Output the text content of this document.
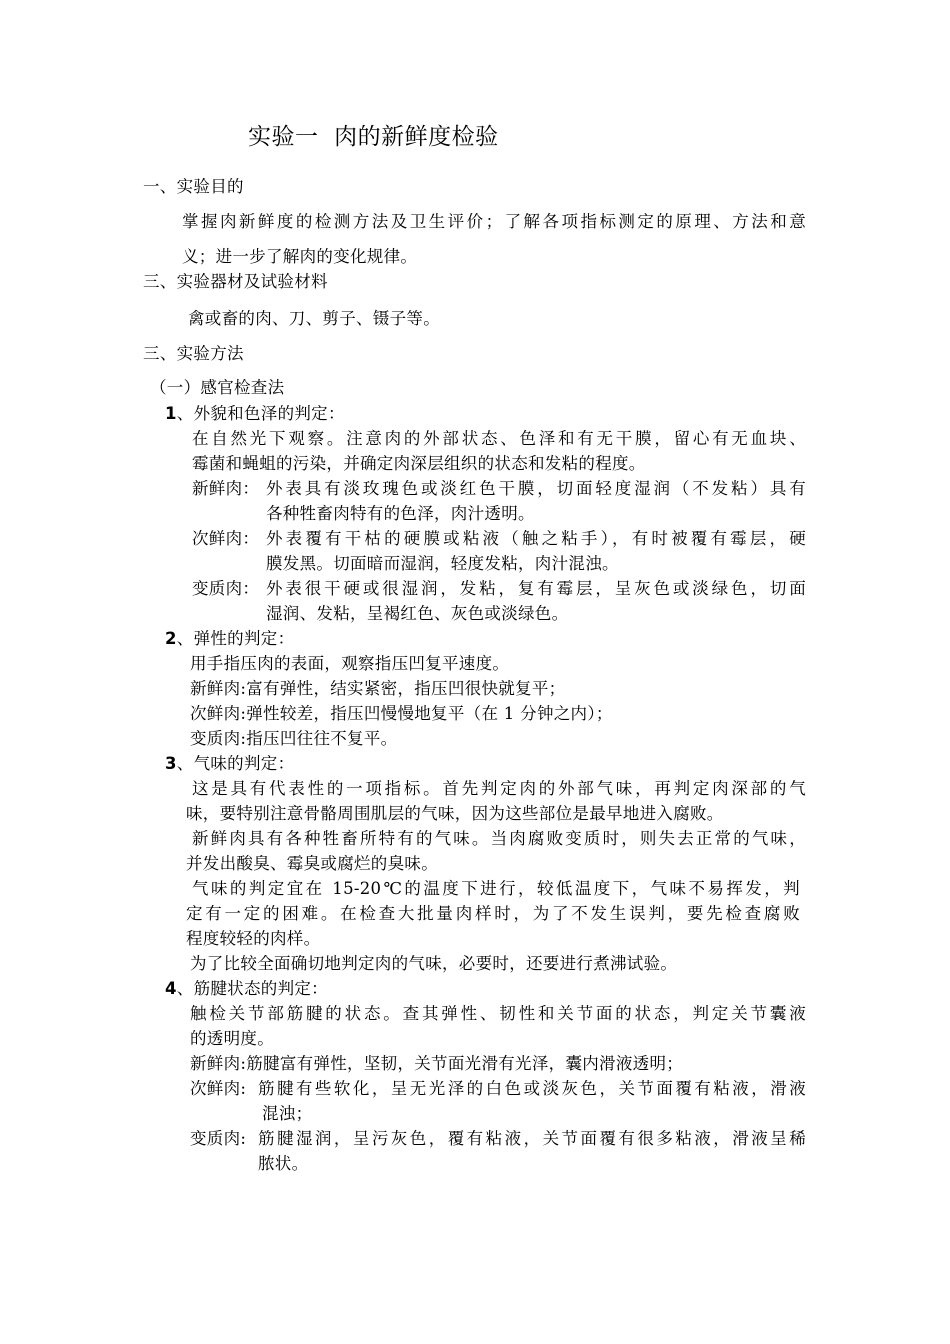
实验一  肉的新鲜度检验
一、实验目的
掌握肉新鲜度的检测方法及卫生评价；了解各项指标测定的原理、方法和意
义；进一步了解肉的变化规律。
三、实验器材及试验材料
禽或畜的肉、刀、剪子、镊子等。
三、实验方法
（一）感官检查法
1、外貌和色泽的判定：
在自然光下观察。注意肉的外部状态、色泽和有无干膜，留心有无血块、
霉菌和蝇蛆的污染，并确定肉深层组织的状态和发粘的程度。
新鲜肉： 外表具有淡玫瑰色或淡红色干膜，切面轻度湿润（不发粘）具有
各种牲畜肉特有的色泽，肉汁透明。
次鲜肉： 外表覆有干枯的硬膜或粘液（触之粘手），有时被覆有霉层，硬
膜发黑。切面暗而湿润，轻度发粘，肉汁混浊。
变质肉： 外表很干硬或很湿润，发粘，复有霉层，呈灰色或淡绿色，切面
湿润、发粘，呈褐红色、灰色或淡绿色。
2、弹性的判定：
用手指压肉的表面，观察指压凹复平速度。
新鲜肉:富有弹性，结实紧密，指压凹很快就复平；
次鲜肉:弹性较差，指压凹慢慢地复平（在 1 分钟之内）；
变质肉:指压凹往往不复平。
3、气味的判定：
这是具有代表性的一项指标。首先判定肉的外部气味，再判定肉深部的气
味，要特别注意骨骼周围肌层的气味，因为这些部位是最早地进入腐败。
新鲜肉具有各种牲畜所特有的气味。当肉腐败变质时，则失去正常的气味，
并发出酸臭、霉臭或腐烂的臭味。
气味的判定宜在 15-20℃的温度下进行，较低温度下，气味不易挥发，判
定有一定的困难。在检查大批量肉样时，为了不发生误判，要先检查腐败
程度较轻的肉样。
为了比较全面确切地判定肉的气味，必要时，还要进行煮沸试验。
4、筋腱状态的判定：
触检关节部筋腱的状态。查其弹性、韧性和关节面的状态，判定关节囊液
的透明度。
新鲜肉:筋腱富有弹性，坚韧，关节面光滑有光泽，囊内滑液透明；
次鲜肉: 筋腱有些软化，呈无光泽的白色或淡灰色，关节面覆有粘液，滑液
混浊；
变质肉: 筋腱湿润，呈污灰色，覆有粘液，关节面覆有很多粘液，滑液呈稀
脓状。
